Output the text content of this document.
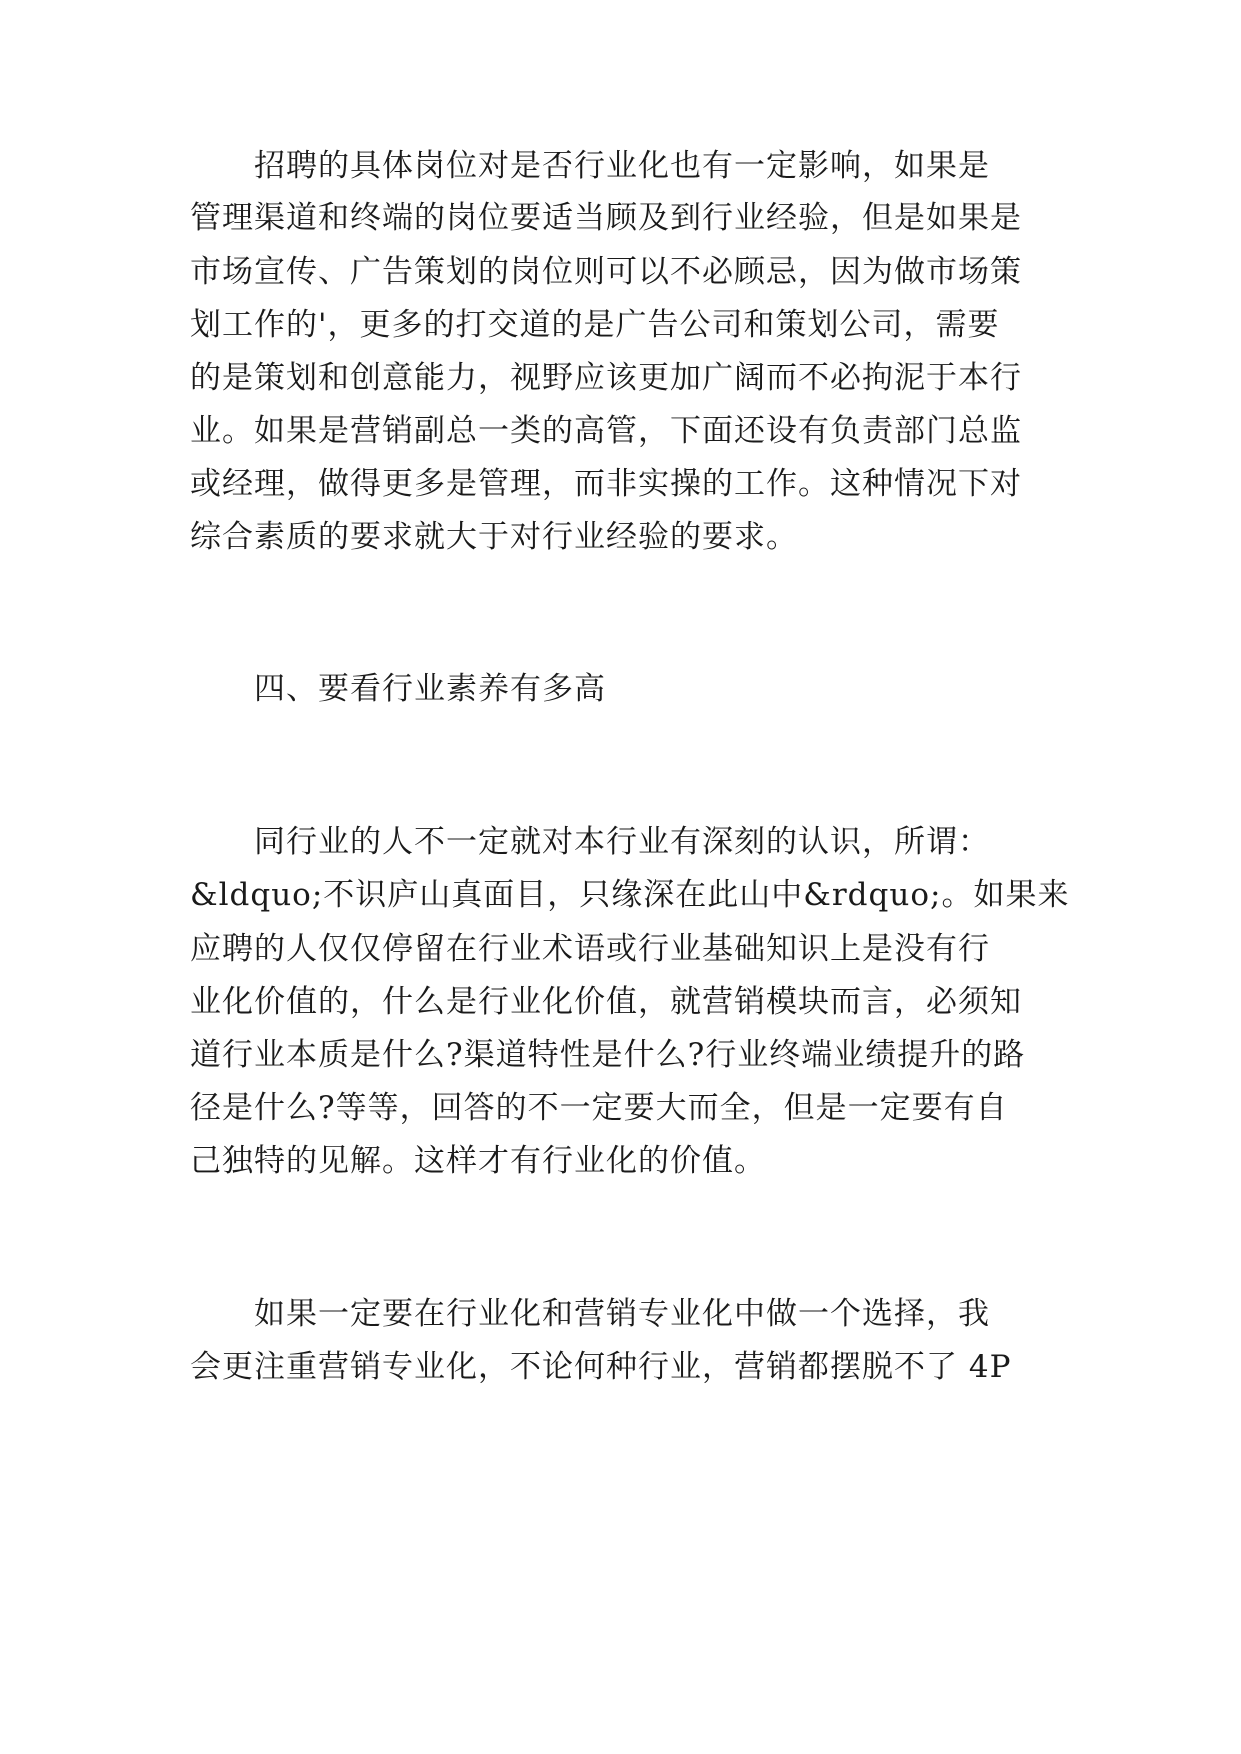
　　招聘的具体岗位对是否行业化也有一定影响，如果是
管理渠道和终端的岗位要适当顾及到行业经验，但是如果是
市场宣传、广告策划的岗位则可以不必顾忌，因为做市场策
划工作的'，更多的打交道的是广告公司和策划公司，需要
的是策划和创意能力，视野应该更加广阔而不必拘泥于本行
业。如果是营销副总一类的高管，下面还设有负责部门总监
或经理，做得更多是管理，而非实操的工作。这种情况下对
综合素质的要求就大于对行业经验的要求。
　　四、要看行业素养有多高
　　同行业的人不一定就对本行业有深刻的认识，所谓：
&ldquo;不识庐山真面目，只缘深在此山中&rdquo;。如果来
应聘的人仅仅停留在行业术语或行业基础知识上是没有行
业化价值的，什么是行业化价值，就营销模块而言，必须知
道行业本质是什么?渠道特性是什么?行业终端业绩提升的路
径是什么?等等，回答的不一定要大而全，但是一定要有自
己独特的见解。这样才有行业化的价值。
　　如果一定要在行业化和营销专业化中做一个选择，我
会更注重营销专业化，不论何种行业，营销都摆脱不了 4P
